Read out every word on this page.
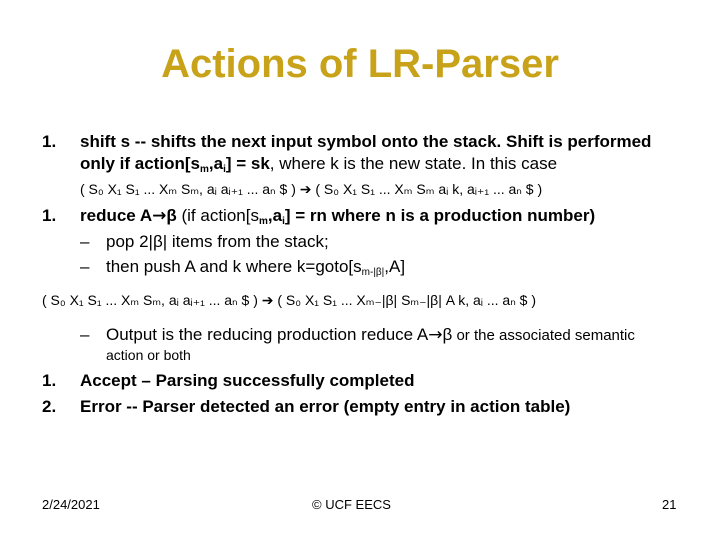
Actions of LR-Parser
1. shift s -- shifts the next input symbol onto the stack. Shift is performed
only if $action[s_m,a_i]$ = sk, where k is the new state. In this case
( S₀ X₁ S₁ ... Xₘ Sₘ, aᵢ aᵢ₊₁ ... aₙ $ ) ➔ ( S₀ X₁ S₁ ... Xₘ Sₘ aᵢ k, aᵢ₊₁ ... aₙ $ )
1. reduce A→β (if $action[s_m,a_i]$ = rn where n is a production number)
– pop 2|β| items from the stack;
– then push A and k where $k=goto[s_{m-|\beta|},A]$
( S₀ X₁ S₁ ... Xₘ Sₘ, aᵢ aᵢ₊₁ ... aₙ $ ) ➔ ( S₀ X₁ S₁ ... Xₘ₋|β| Sₘ₋|β| A k, aᵢ ... aₙ $ )
– Output is the reducing production reduce A→β or the associated semantic
action or both
1. Accept – Parsing successfully completed
2. Error -- Parser detected an error (empty entry in action table)
2/24/2021	© UCF EECS	21
